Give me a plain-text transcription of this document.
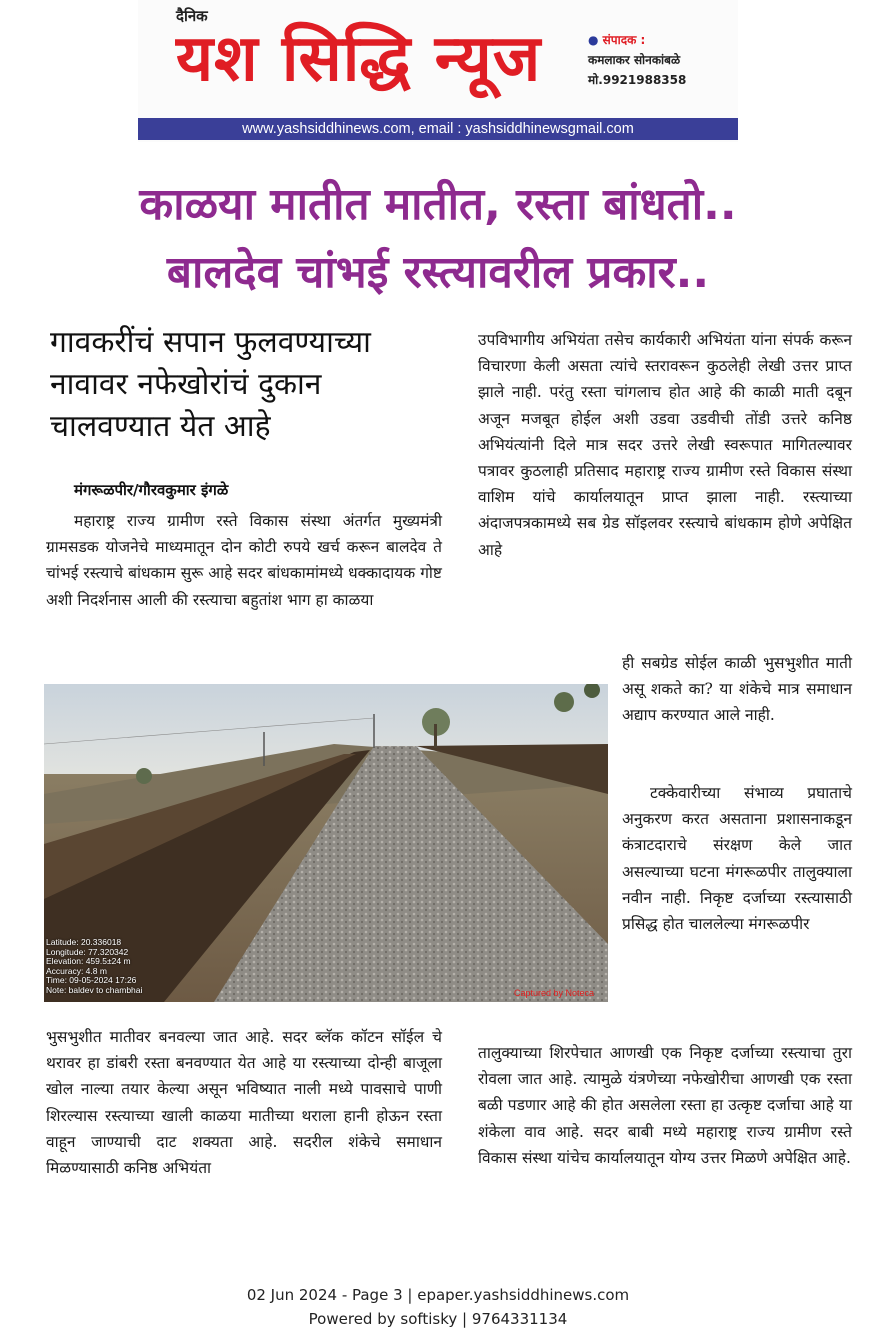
दैनिक
यश सिद्धि न्यूज	● संपादक :
कमलाकर सोनकांबळे
मो.9921988358
www.yashsiddhinews.com, email : yashsiddhinewsgmail.com
काळया मातीत मातीत, रस्ता बांधतो..
बालदेव चांभई रस्त्यावरील प्रकार..
गावकरींचं सपान फुलवण्याच्या नावावर नफेखोरांचं दुकान चालवण्यात येत आहे
मंगरूळपीर/गौरवकुमार इंगळे

महाराष्ट्र राज्य ग्रामीण रस्ते विकास संस्था अंतर्गत मुख्यमंत्री ग्रामसडक योजनेचे माध्यमातून दोन कोटी रुपये खर्च करून बालदेव ते चांभई रस्त्याचे बांधकाम सुरू आहे सदर बांधकामांमध्ये धक्कादायक गोष्ट अशी निदर्शनास आली की रस्त्याचा बहुतांश भाग हा काळया

Latitude: 20.336018
Longitude: 77.320342
Elevation: 459.5±24 m
Accuracy: 4.8 m
Time: 09-05-2024 17:26
Note: baldev to chambhai	Captured by Noteca

भुसभुशीत मातीवर बनवल्या जात आहे. सदर ब्लॅक कॉटन सॉईल चे थरावर हा डांबरी रस्ता बनवण्यात येत आहे या रस्त्याच्या दोन्ही बाजूला खोल नाल्या तयार केल्या असून भविष्यात नाली मध्ये पावसाचे पाणी शिरल्यास रस्त्याच्या खाली काळया मातीच्या थराला हानी होऊन रस्ता वाहून जाण्याची दाट शक्यता आहे. सदरील शंकेचे समाधान मिळण्यासाठी कनिष्ठ अभियंता

उपविभागीय अभियंता तसेच कार्यकारी अभियंता यांना संपर्क करून विचारणा केली असता त्यांचे स्तरावरून कुठलेही लेखी उत्तर प्राप्त झाले नाही. परंतु रस्ता चांगलाच होत आहे की काळी माती दबून अजून मजबूत होईल अशी उडवा उडवीची तोंडी उत्तरे कनिष्ठ अभियंत्यांनी दिले मात्र सदर उत्तरे लेखी स्वरूपात मागितल्यावर पत्रावर कुठलाही प्रतिसाद महाराष्ट्र राज्य ग्रामीण रस्ते विकास संस्था वाशिम यांचे कार्यालयातून प्राप्त झाला नाही. रस्त्याच्या अंदाजपत्रकामध्ये सब ग्रेड सॉइलवर रस्त्याचे बांधकाम होणे अपेक्षित आहे

ही सबग्रेड सोईल काळी भुसभुशीत माती असू शकते का? या शंकेचे मात्र समाधान अद्याप करण्यात आले नाही.

टक्केवारीच्या संभाव्य प्रघाताचे अनुकरण करत असताना प्रशासनाकडून कंत्राटदाराचे संरक्षण केले जात असल्याच्या घटना मंगरूळपीर तालुक्याला नवीन नाही. निकृष्ट दर्जाच्या रस्त्यासाठी प्रसिद्ध होत चाललेल्या मंगरूळपीर

तालुक्याच्या शिरपेचात आणखी एक निकृष्ट दर्जाच्या रस्त्याचा तुरा रोवला जात आहे. त्यामुळे यंत्रणेच्या नफेखोरीचा आणखी एक रस्ता बळी पडणार आहे की होत असलेला रस्ता हा उत्कृष्ट दर्जाचा आहे या शंकेला वाव आहे. सदर बाबी मध्ये महाराष्ट्र राज्य ग्रामीण रस्ते विकास संस्था यांचेच कार्यालयातून योग्य उत्तर मिळणे अपेक्षित आहे.

02 Jun 2024 - Page 3 | epaper.yashsiddhinews.com
Powered by softisky | 9764331134
